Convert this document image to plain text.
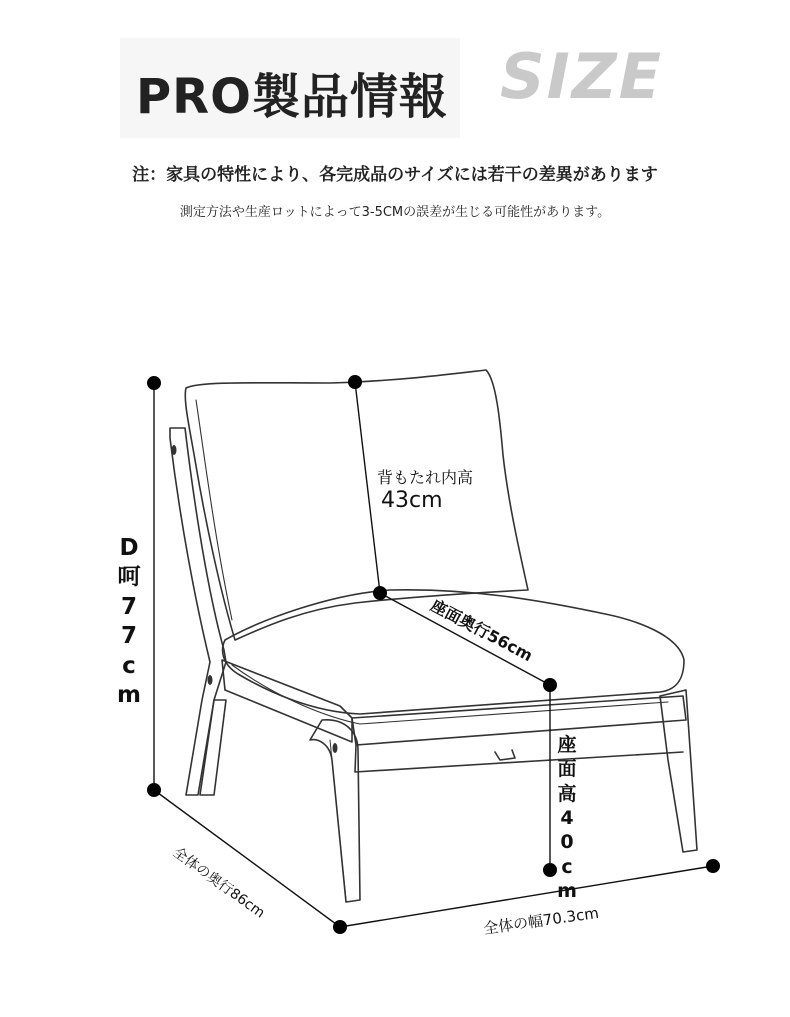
PRO製品情報 SIZE
注：家具の特性により、各完成品のサイズには若干の差異があります
測定方法や生産ロットによって3-5CMの誤差が生じる可能性があります。
背もたれ内高
43cm
座面奥行56cm
全体の奥行86cm	全体の幅70.3cm
D
呵
7
7
c
m
座
面
高
4
0
c
m
